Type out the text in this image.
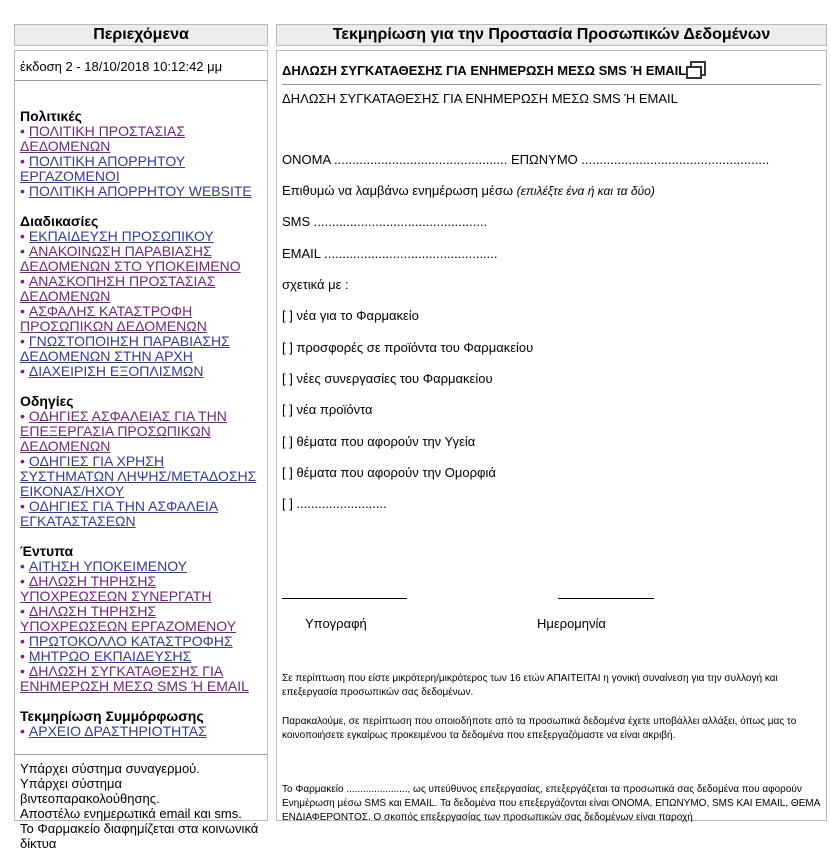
Περιεχόμενα	Τεκμηρίωση για την Προστασία Προσωπικών Δεδομένων
έκδοση 2 - 18/10/2018 10:12:42 μμ
Πολιτικές
• ΠΟΛΙΤΙΚΗ ΠΡΟΣΤΑΣΙΑΣ ΔΕΔΟΜΕΝΩΝ
• ΠΟΛΙΤΙΚΗ ΑΠΟΡΡΗΤΟΥ ΕΡΓΑΖΟΜΕΝΟΙ
• ΠΟΛΙΤΙΚΗ ΑΠΟΡΡΗΤΟΥ WEBSITE
Διαδικασίες
• ΕΚΠΑΙΔΕΥΣΗ ΠΡΟΣΩΠΙΚΟΥ
• ΑΝΑΚΟΙΝΩΣΗ ΠΑΡΑΒΙΑΣΗΣ ΔΕΔΟΜΕΝΩΝ ΣΤΟ ΥΠΟΚΕΙΜΕΝΟ
• ΑΝΑΣΚΟΠΗΣΗ ΠΡΟΣΤΑΣΙΑΣ ΔΕΔΟΜΕΝΩΝ
• ΑΣΦΑΛΗΣ ΚΑΤΑΣΤΡΟΦΗ ΠΡΟΣΩΠΙΚΩΝ ΔΕΔΟΜΕΝΩΝ
• ΓΝΩΣΤΟΠΟΙΗΣΗ ΠΑΡΑΒΙΑΣΗΣ ΔΕΔΟΜΕΝΩΝ ΣΤΗΝ ΑΡΧΗ
• ΔΙΑΧΕΙΡΙΣΗ ΕΞΟΠΛΙΣΜΩΝ
Οδηγίες
• ΟΔΗΓΙΕΣ ΑΣΦΑΛΕΙΑΣ ΓΙΑ ΤΗΝ ΕΠΕΞΕΡΓΑΣΙΑ ΠΡΟΣΩΠΙΚΩΝ ΔΕΔΟΜΕΝΩΝ
• ΟΔΗΓΙΕΣ ΓΙΑ ΧΡΗΣΗ ΣΥΣΤΗΜΑΤΩΝ ΛΗΨΗΣ/ΜΕΤΑΔΟΣΗΣ ΕΙΚΟΝΑΣ/ΗΧΟΥ
• ΟΔΗΓΙΕΣ ΓΙΑ ΤΗΝ ΑΣΦΑΛΕΙΑ ΕΓΚΑΤΑΣΤΑΣΕΩΝ
Έντυπα
• ΑΙΤΗΣΗ ΥΠΟΚΕΙΜΕΝΟΥ
• ΔΗΛΩΣΗ ΤΗΡΗΣΗΣ ΥΠΟΧΡΕΩΣΕΩΝ ΣΥΝΕΡΓΑΤΗ
• ΔΗΛΩΣΗ ΤΗΡΗΣΗΣ ΥΠΟΧΡΕΩΣΕΩΝ ΕΡΓΑΖΟΜΕΝΟΥ
• ΠΡΩΤΟΚΟΛΛΟ ΚΑΤΑΣΤΡΟΦΗΣ
• ΜΗΤΡΩΟ ΕΚΠΑΙΔΕΥΣΗΣ
• ΔΗΛΩΣΗ ΣΥΓΚΑΤΑΘΕΣΗΣ ΓΙΑ ΕΝΗΜΕΡΩΣΗ ΜΕΣΩ SMS Ή EMAIL
Τεκμηρίωση Συμμόρφωσης
• ΑΡΧΕΙΟ ΔΡΑΣΤΗΡΙΟΤΗΤΑΣ
Υπάρχει σύστημα συναγερμού.
Υπάρχει σύστημα βιντεοπαρακολούθησης.
Αποστέλω ενημερωτικά email και sms.
Το Φαρμακείο διαφημίζεται στα κοινωνικά δίκτυα
ΔΗΛΩΣΗ ΣΥΓΚΑΤΑΘΕΣΗΣ ΓΙΑ ΕΝΗΜΕΡΩΣΗ ΜΕΣΩ SMS Ή EMAIL

ΔΗΛΩΣΗ ΣΥΓΚΑΤΑΘΕΣΗΣ ΓΙΑ ΕΝΗΜΕΡΩΣΗ ΜΕΣΩ SMS Ή EMAIL

ΟΝΟΜΑ ................................................ ΕΠΩΝΥΜΟ ....................................................

Επιθυμώ να λαμβάνω ενημέρωση μέσω (επιλέξτε ένα ή και τα δύο)

SMS ................................................

EMAIL ................................................

σχετικά με :

[ ] νέα για το Φαρμακείο

[ ] προσφορές σε προϊόντα του Φαρμακείου

[ ] νέες συνεργασίες του Φαρμακείου

[ ] νέα προϊόντα

[ ] θέματα που αφορούν την Υγεία

[ ] θέματα που αφορούν την Ομορφιά

[ ] .........................

Υπογραφή	Ημερομηνία

Σε περίπτωση που είστε μικρότερη/μικρότερος των 16 ετών ΑΠΑΙΤΕΙΤΑΙ η γονική συναίνεση για την συλλογή και επεξεργασία προσωπικών σας δεδομένων.

Παρακαλούμε, σε περίπτωση που οποιοδήποτε από τα προσωπικά δεδομένα έχετε υποβάλλει αλλάξει, όπως μας το κοινοποιήσετε εγκαίρως προκειμένου τα δεδομένα που επεξεργαζόμαστε να είναι ακριβή.

Το Φαρμακείο ......................, ως υπεύθυνος επεξεργασίας, επεξεργάζεται τα προσωπικά σας δεδομένα που αφορούν Ενημέρωση μέσω SMS και EMAIL. Τα δεδομένα που επεξεργάζονται είναι ΟΝΟΜΑ, ΕΠΩΝΥΜΟ, SMS ΚΑΙ EMAIL, ΘΕΜΑ ΕΝΔΙΑΦΕΡΟΝΤΟΣ. Ο σκοπός επεξεργασίας των προσωπικών σας δεδομένων είναι παροχή
